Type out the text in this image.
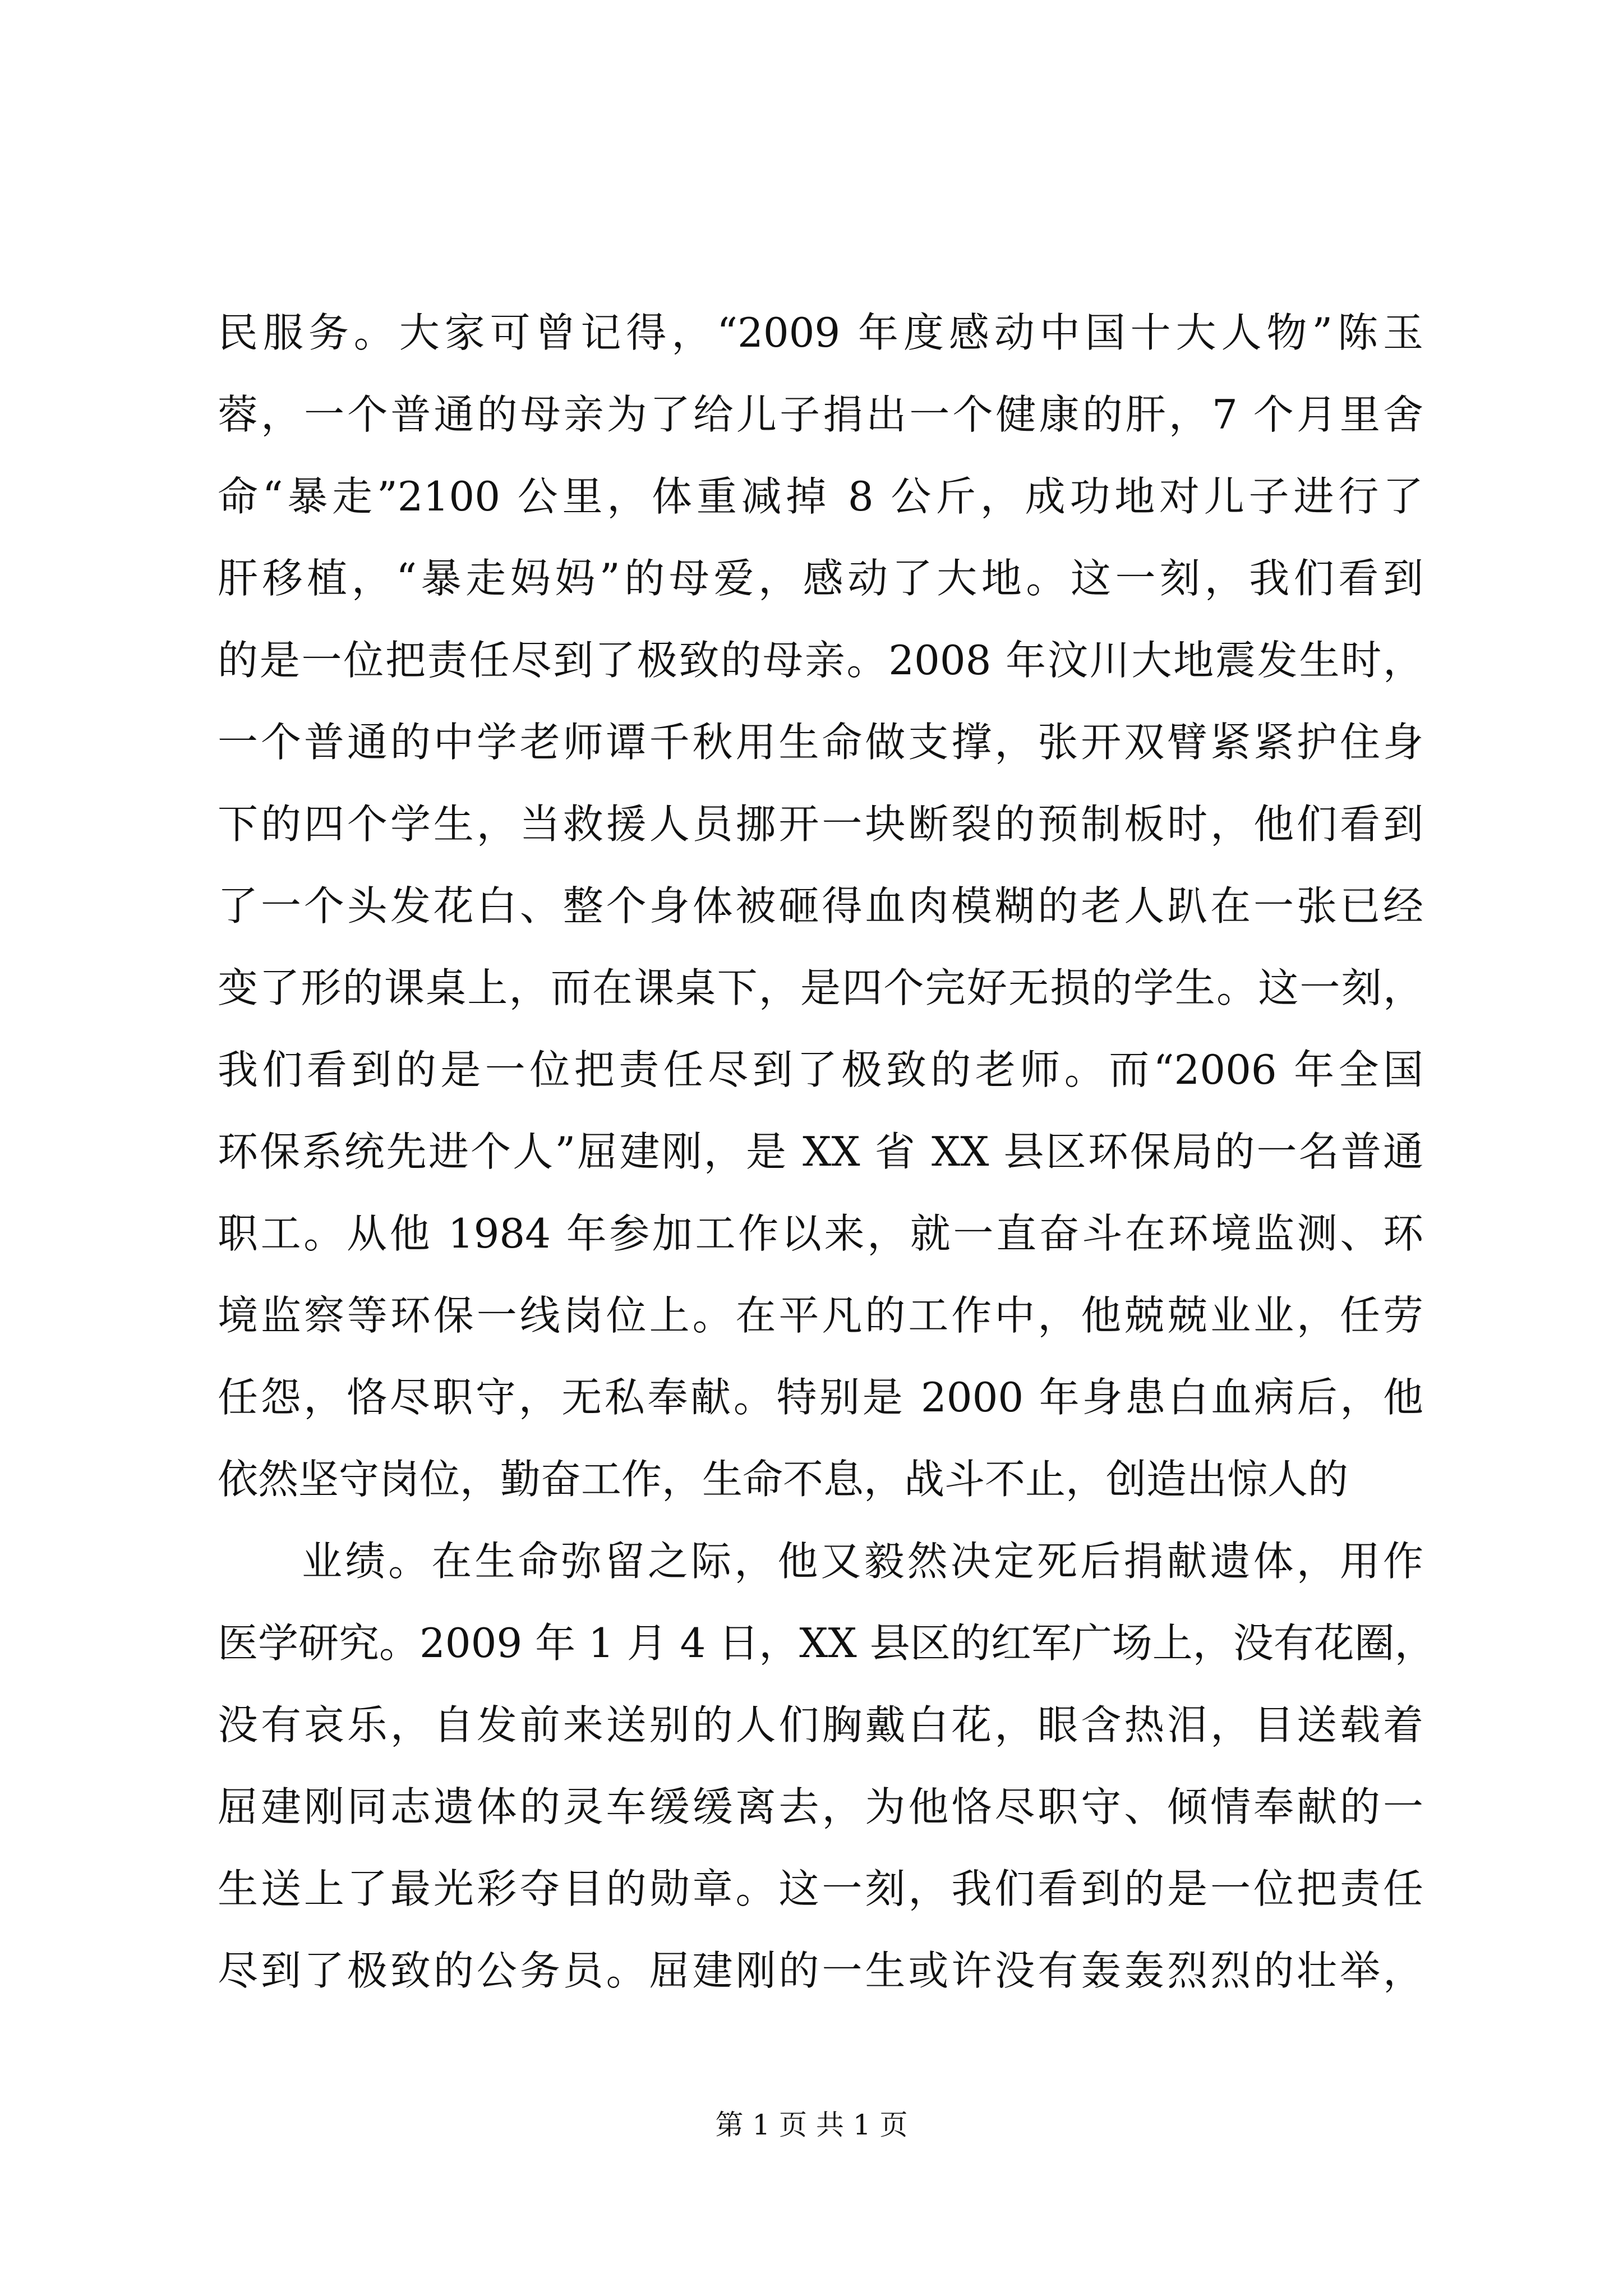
民服务。大家可曾记得，“2009 年度感动中国十大人物”陈玉
蓉，一个普通的母亲为了给儿子捐出一个健康的肝，7 个月里舍
命“暴走”2100 公里，体重减掉 8 公斤，成功地对儿子进行了
肝移植，“暴走妈妈”的母爱，感动了大地。这一刻，我们看到
的是一位把责任尽到了极致的母亲。2008 年汶川大地震发生时，
一个普通的中学老师谭千秋用生命做支撑，张开双臂紧紧护住身
下的四个学生，当救援人员挪开一块断裂的预制板时，他们看到
了一个头发花白、整个身体被砸得血肉模糊的老人趴在一张已经
变了形的课桌上，而在课桌下，是四个完好无损的学生。这一刻，
我们看到的是一位把责任尽到了极致的老师。而“2006 年全国
环保系统先进个人”屈建刚，是 XX 省 XX 县区环保局的一名普通
职工。从他 1984 年参加工作以来，就一直奋斗在环境监测、环
境监察等环保一线岗位上。在平凡的工作中，他兢兢业业，任劳
任怨，恪尽职守，无私奉献。特别是 2000 年身患白血病后，他
依然坚守岗位，勤奋工作，生命不息，战斗不止，创造出惊人的
业绩。在生命弥留之际，他又毅然决定死后捐献遗体，用作
医学研究。2009 年 1 月 4 日，XX 县区的红军广场上，没有花圈，
没有哀乐，自发前来送别的人们胸戴白花，眼含热泪，目送载着
屈建刚同志遗体的灵车缓缓离去，为他恪尽职守、倾情奉献的一
生送上了最光彩夺目的勋章。这一刻，我们看到的是一位把责任
尽到了极致的公务员。屈建刚的一生或许没有轰轰烈烈的壮举，
第 1 页 共 1 页
